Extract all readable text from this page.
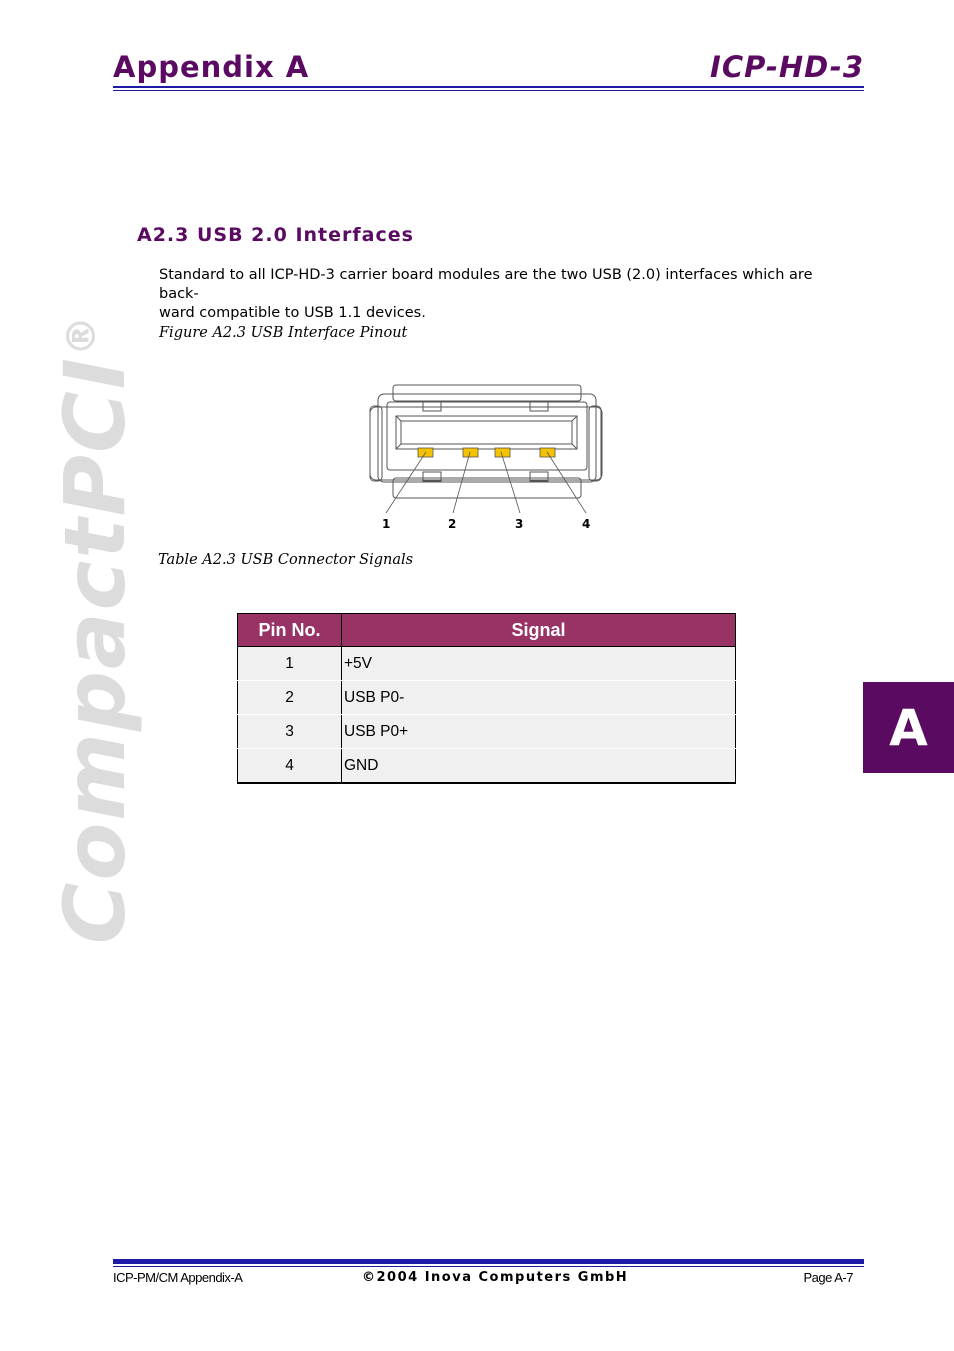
Appendix A	ICP-HD-3
CompactPCI®
A2.3 USB 2.0 Interfaces
Standard to all ICP-HD-3 carrier board modules are the two USB (2.0) interfaces which are back-
ward compatible to USB 1.1 devices.
Figure A2.3 USB Interface Pinout
1	2	3	4
Table A2.3 USB Connector Signals
Pin No.	Signal
1	+5V
2	USB P0-
3	USB P0+
4	GND
A
ICP-PM/CM Appendix-A	©2004 Inova Computers GmbH	Page A-7
